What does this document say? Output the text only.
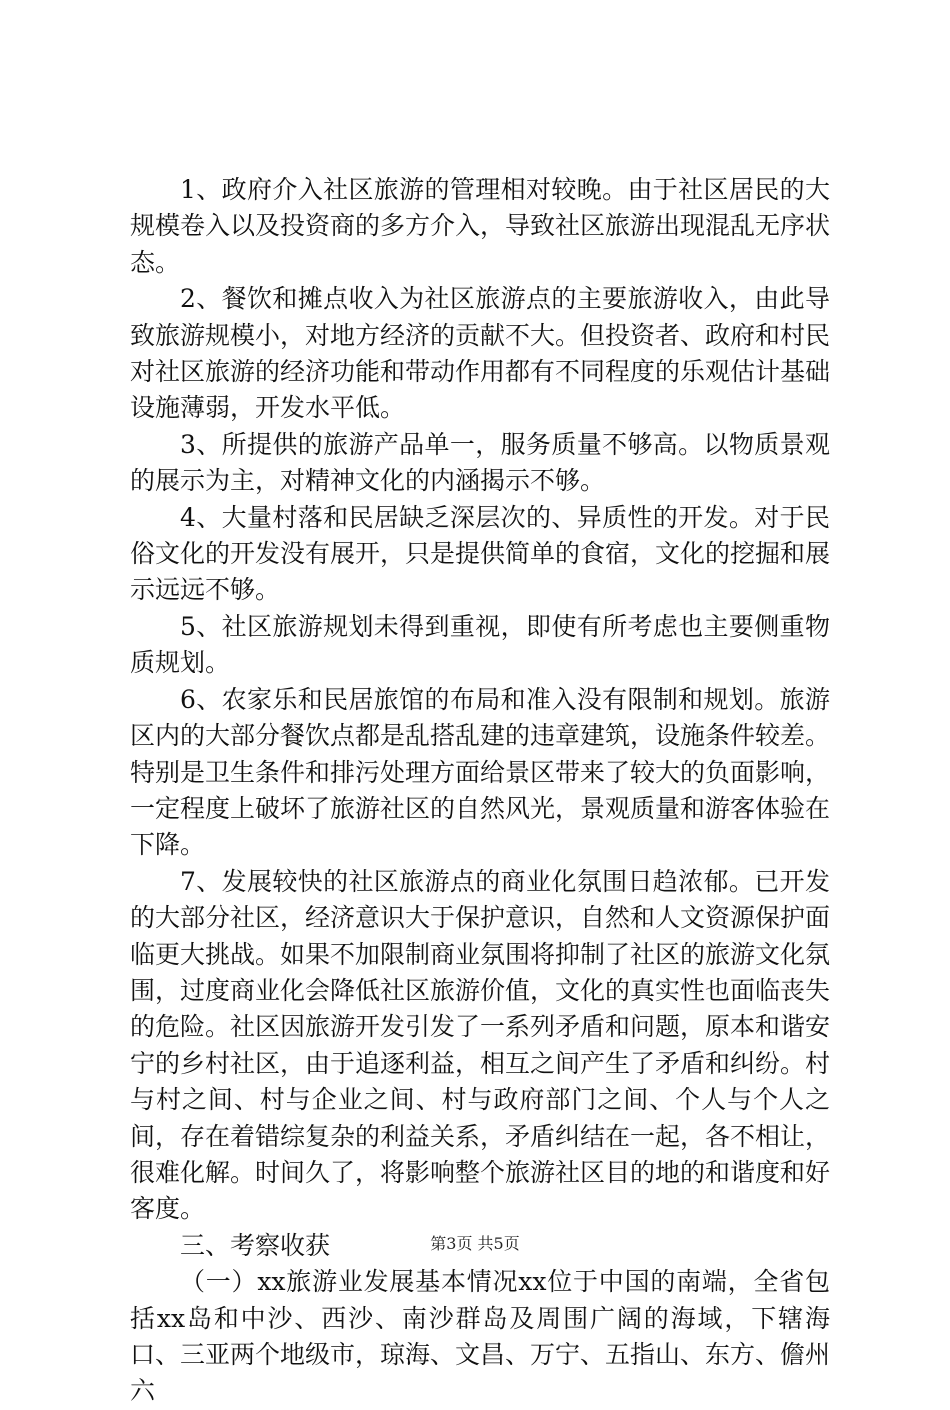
1、政府介入社区旅游的管理相对较晚。由于社区居民的大规模卷入以及投资商的多方介入，导致社区旅游出现混乱无序状态。

2、餐饮和摊点收入为社区旅游点的主要旅游收入，由此导致旅游规模小，对地方经济的贡献不大。但投资者、政府和村民对社区旅游的经济功能和带动作用都有不同程度的乐观估计基础设施薄弱，开发水平低。

3、所提供的旅游产品单一，服务质量不够高。以物质景观的展示为主，对精神文化的内涵揭示不够。

4、大量村落和民居缺乏深层次的、异质性的开发。对于民俗文化的开发没有展开，只是提供简单的食宿，文化的挖掘和展示远远不够。

5、社区旅游规划未得到重视，即使有所考虑也主要侧重物质规划。

6、农家乐和民居旅馆的布局和准入没有限制和规划。旅游区内的大部分餐饮点都是乱搭乱建的违章建筑，设施条件较差。特别是卫生条件和排污处理方面给景区带来了较大的负面影响，一定程度上破坏了旅游社区的自然风光，景观质量和游客体验在下降。

7、发展较快的社区旅游点的商业化氛围日趋浓郁。已开发的大部分社区，经济意识大于保护意识，自然和人文资源保护面临更大挑战。如果不加限制商业氛围将抑制了社区的旅游文化氛围，过度商业化会降低社区旅游价值，文化的真实性也面临丧失的危险。社区因旅游开发引发了一系列矛盾和问题，原本和谐安宁的乡村社区，由于追逐利益，相互之间产生了矛盾和纠纷。村与村之间、村与企业之间、村与政府部门之间、个人与个人之间，存在着错综复杂的利益关系，矛盾纠结在一起，各不相让，很难化解。时间久了，将影响整个旅游社区目的地的和谐度和好客度。

三、考察收获

（一）xx旅游业发展基本情况xx位于中国的南端，全省包括xx岛和中沙、西沙、南沙群岛及周围广阔的海域，下辖海口、三亚两个地级市，琼海、文昌、万宁、五指山、东方、儋州六

第3页 共5页
